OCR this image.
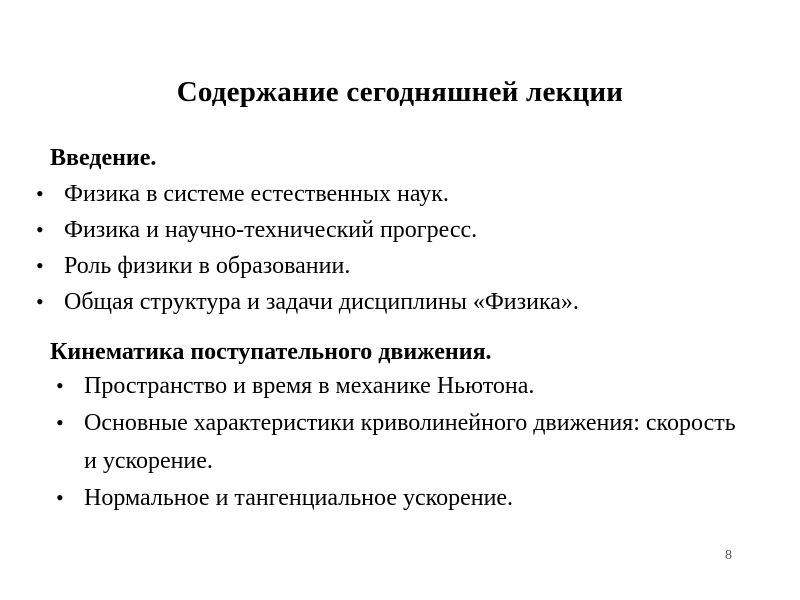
Содержание сегодняшней лекции
Введение.
• Физика в системе естественных наук.
• Физика и научно-технический прогресс.
• Роль физики в образовании.
• Общая структура и задачи дисциплины «Физика».
Кинематика поступательного движения.
• Пространство и время в механике Ньютона.
• Основные характеристики криволинейного движения: скорость и ускорение.
• Нормальное и тангенциальное ускорение.
8
